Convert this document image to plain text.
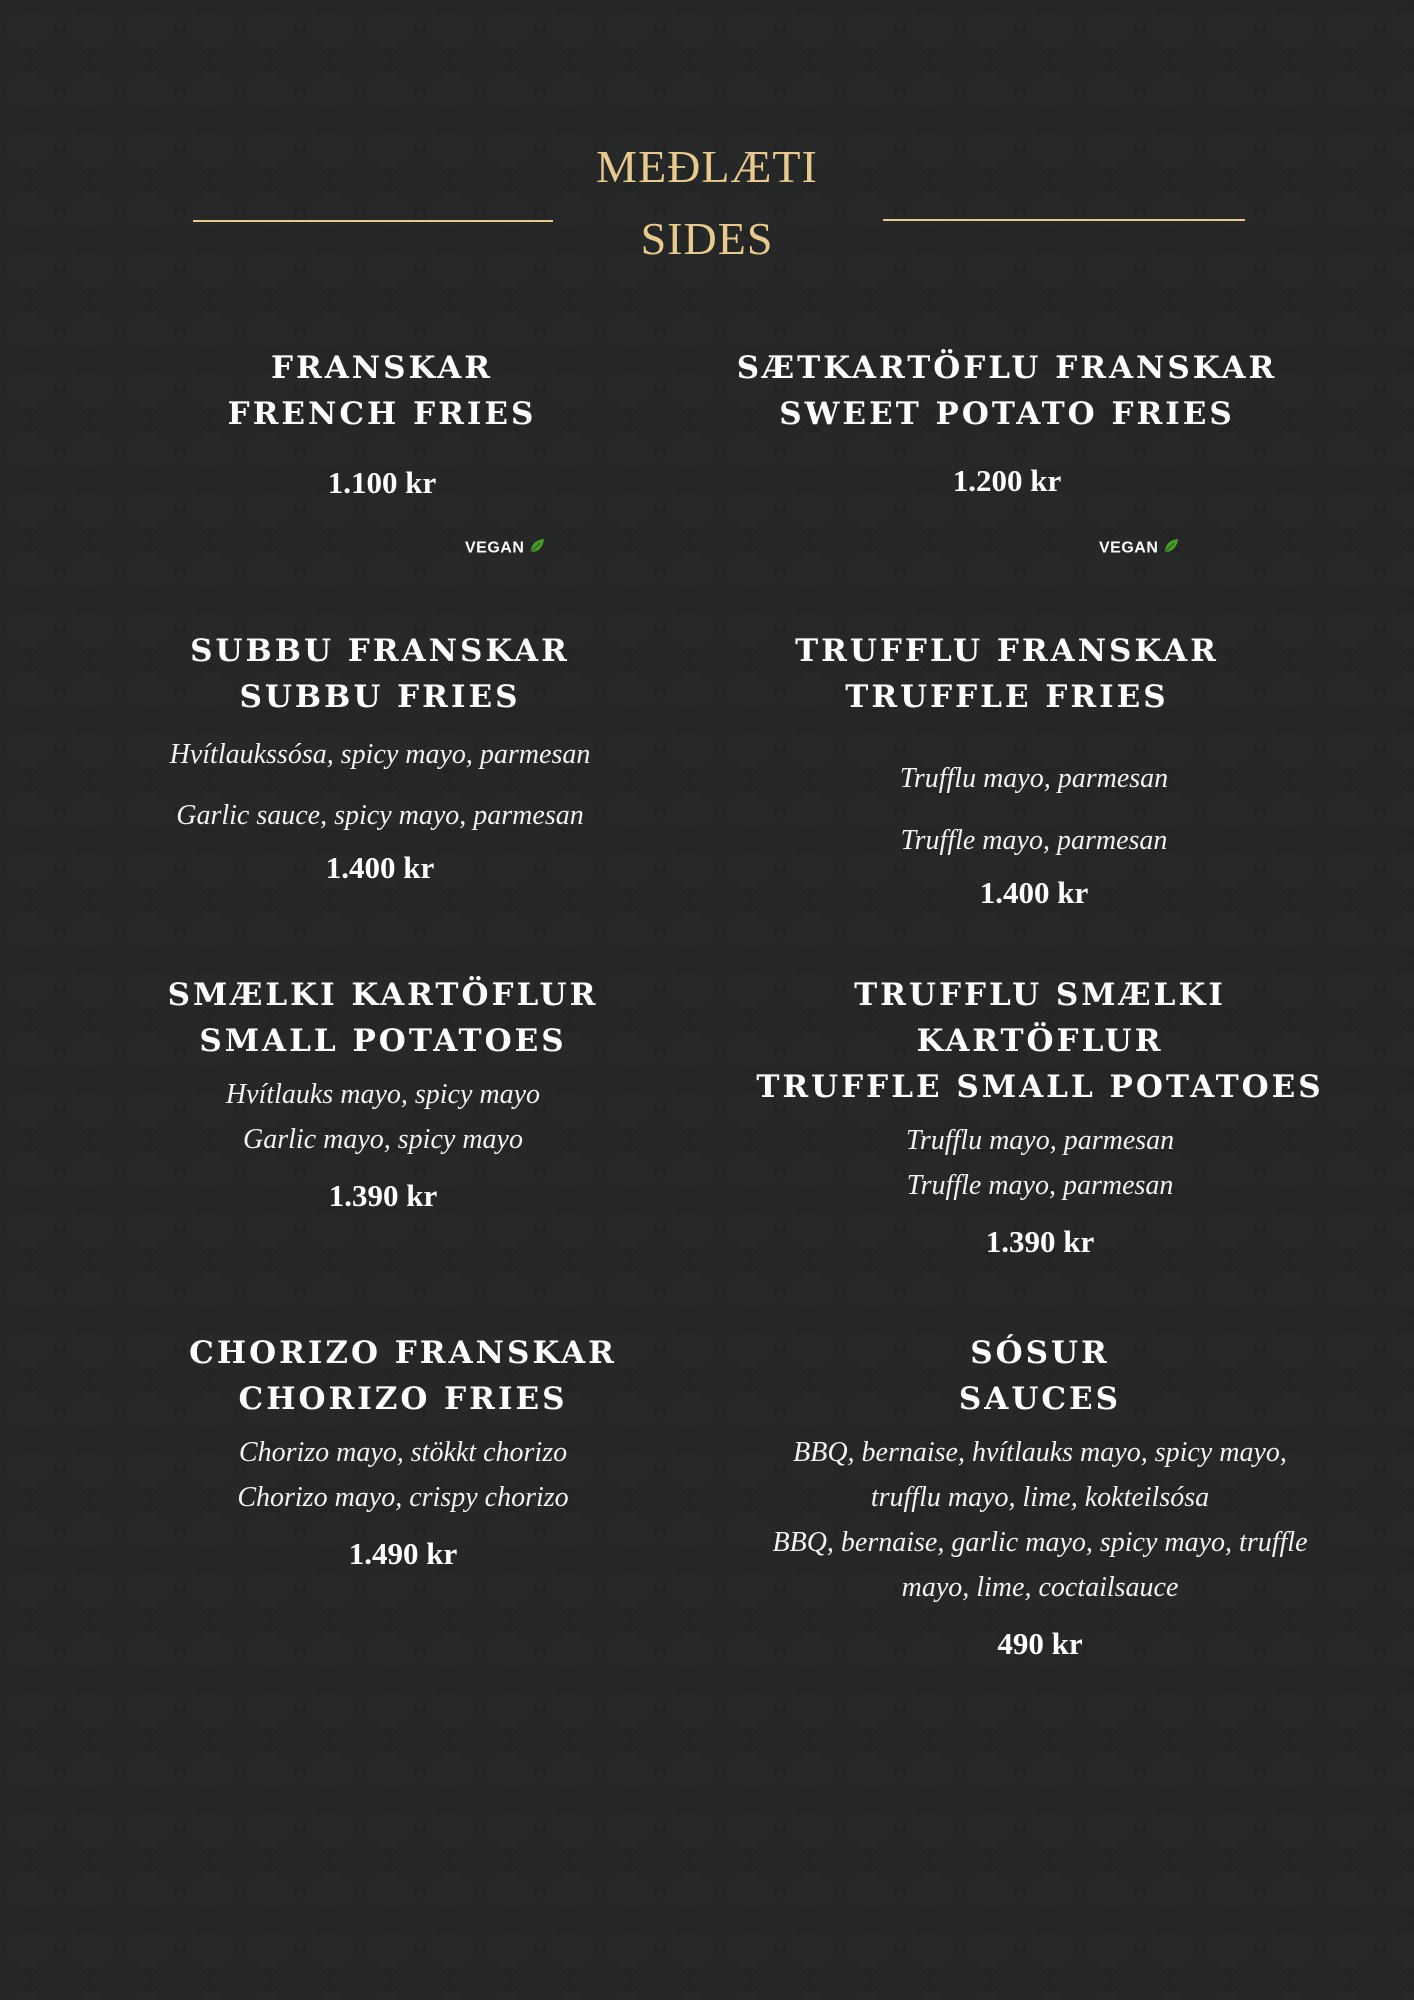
MEÐLÆTI
SIDES

FRANSKAR

FRENCH FRIES

1.100 kr

VEGAN

SÆTKARTÖFLU FRANSKAR

SWEET POTATO FRIES

1.200 kr

VEGAN

SUBBU FRANSKAR

SUBBU FRIES

Hvítlaukssósa, spicy mayo, parmesan

Garlic sauce, spicy mayo, parmesan

1.400 kr

TRUFFLU FRANSKAR

TRUFFLE FRIES

Trufflu mayo, parmesan

Truffle mayo, parmesan

1.400 kr

SMÆLKI KARTÖFLUR

SMALL POTATOES

Hvítlauks mayo, spicy mayo

Garlic mayo, spicy mayo

1.390 kr

TRUFFLU SMÆLKI KARTÖFLUR

TRUFFLE SMALL POTATOES

Trufflu mayo, parmesan

Truffle mayo, parmesan

1.390 kr

CHORIZO FRANSKAR

CHORIZO FRIES

Chorizo mayo, stökkt chorizo

Chorizo mayo, crispy chorizo

1.490 kr

SÓSUR

SAUCES

BBQ, bernaise, hvítlauks mayo, spicy mayo,

trufflu mayo, lime, kokteilsósa

BBQ, bernaise, garlic mayo, spicy mayo, truffle

mayo, lime, coctailsauce

490 kr
